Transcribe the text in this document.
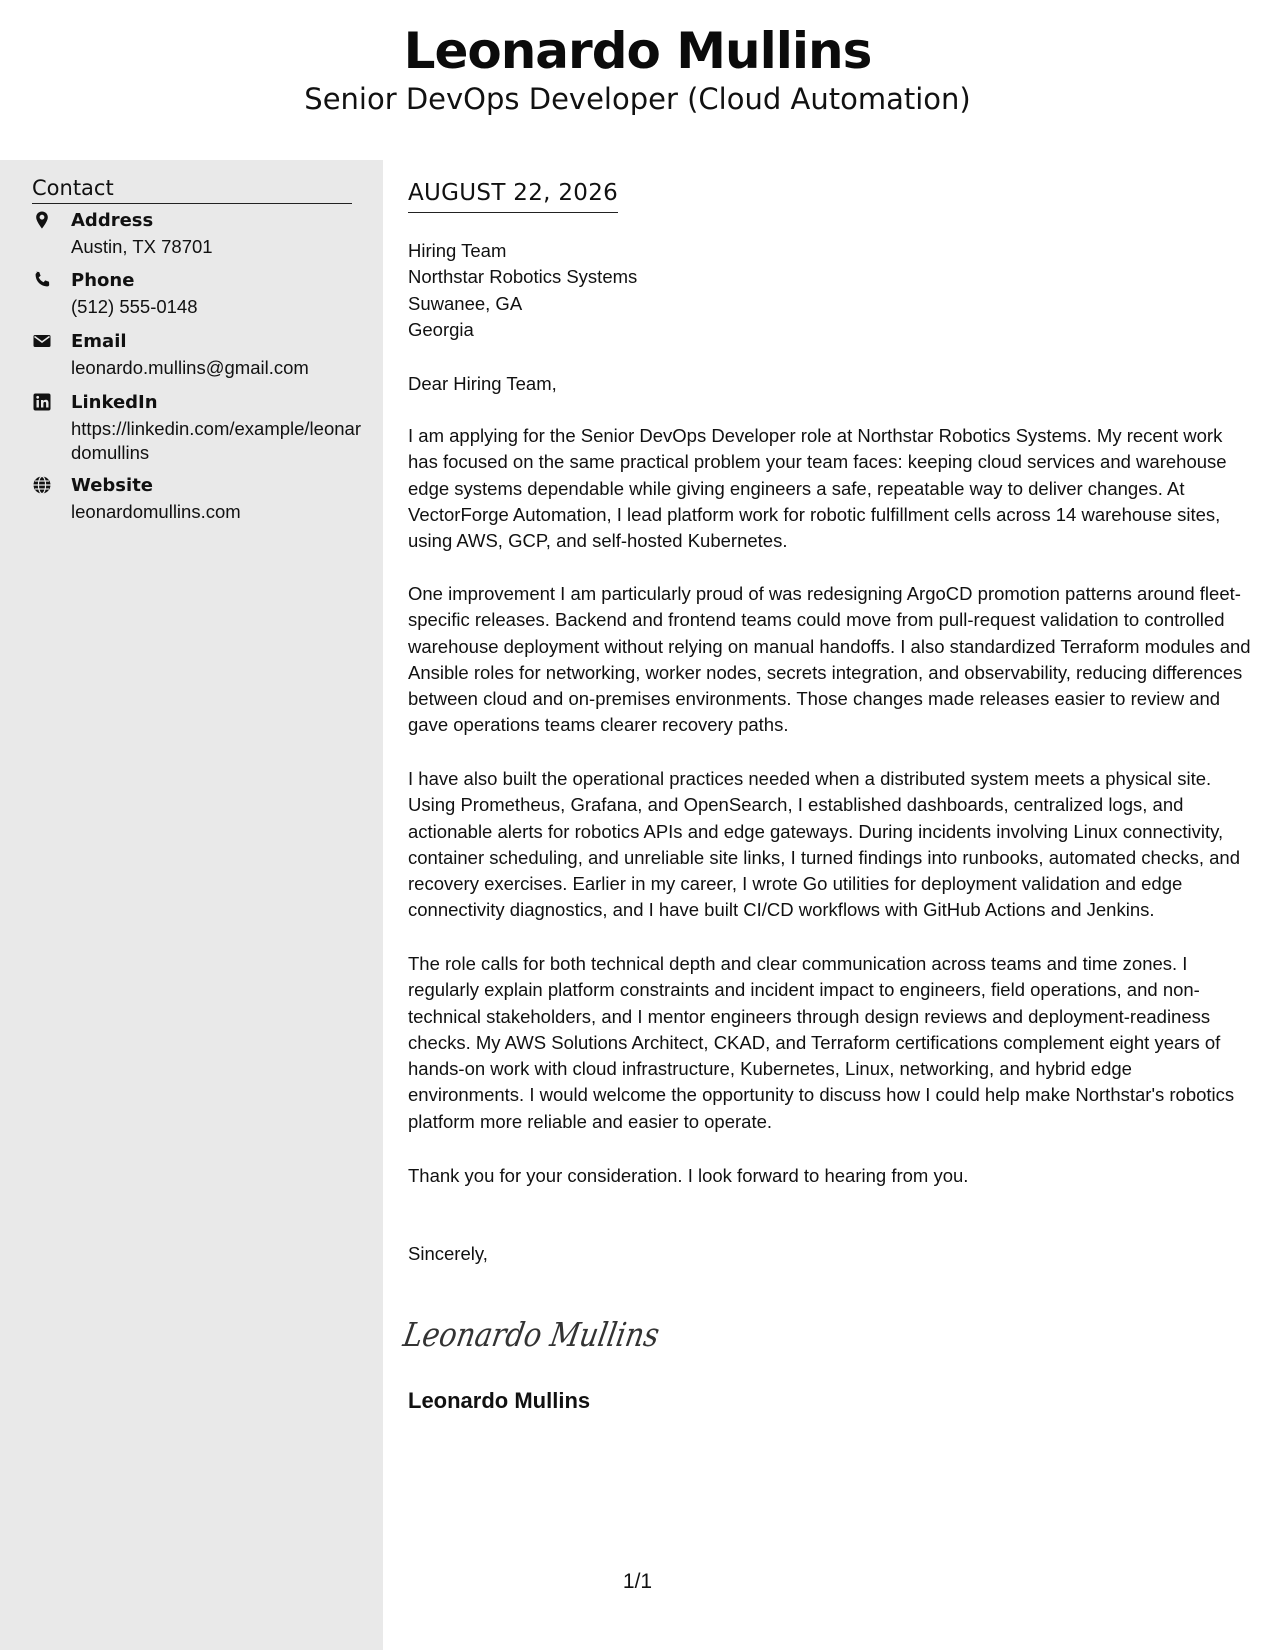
Leonardo Mullins
Senior DevOps Developer (Cloud Automation)
Contact
Address
Austin, TX 78701
Phone
(512) 555-0148
Email
leonardo.mullins@gmail.com
LinkedIn
https://linkedin.com/example/leonardomullins
Website
leonardomullins.com
AUGUST 22, 2026
Hiring Team
Northstar Robotics Systems
Suwanee, GA
Georgia
Dear Hiring Team,

I am applying for the Senior DevOps Developer role at Northstar Robotics Systems. My recent work has focused on the same practical problem your team faces: keeping cloud services and warehouse edge systems dependable while giving engineers a safe, repeatable way to deliver changes. At VectorForge Automation, I lead platform work for robotic fulfillment cells across 14 warehouse sites, using AWS, GCP, and self-hosted Kubernetes.

One improvement I am particularly proud of was redesigning ArgoCD promotion patterns around fleet-specific releases. Backend and frontend teams could move from pull-request validation to controlled warehouse deployment without relying on manual handoffs. I also standardized Terraform modules and Ansible roles for networking, worker nodes, secrets integration, and observability, reducing differences between cloud and on-premises environments. Those changes made releases easier to review and gave operations teams clearer recovery paths.

I have also built the operational practices needed when a distributed system meets a physical site. Using Prometheus, Grafana, and OpenSearch, I established dashboards, centralized logs, and actionable alerts for robotics APIs and edge gateways. During incidents involving Linux connectivity, container scheduling, and unreliable site links, I turned findings into runbooks, automated checks, and recovery exercises. Earlier in my career, I wrote Go utilities for deployment validation and edge connectivity diagnostics, and I have built CI/CD workflows with GitHub Actions and Jenkins.

The role calls for both technical depth and clear communication across teams and time zones. I regularly explain platform constraints and incident impact to engineers, field operations, and non-technical stakeholders, and I mentor engineers through design reviews and deployment-readiness checks. My AWS Solutions Architect, CKAD, and Terraform certifications complement eight years of hands-on work with cloud infrastructure, Kubernetes, Linux, networking, and hybrid edge environments. I would welcome the opportunity to discuss how I could help make Northstar's robotics platform more reliable and easier to operate.

Thank you for your consideration. I look forward to hearing from you.

Sincerely,
Leonardo Mullins
Leonardo Mullins
1/1
